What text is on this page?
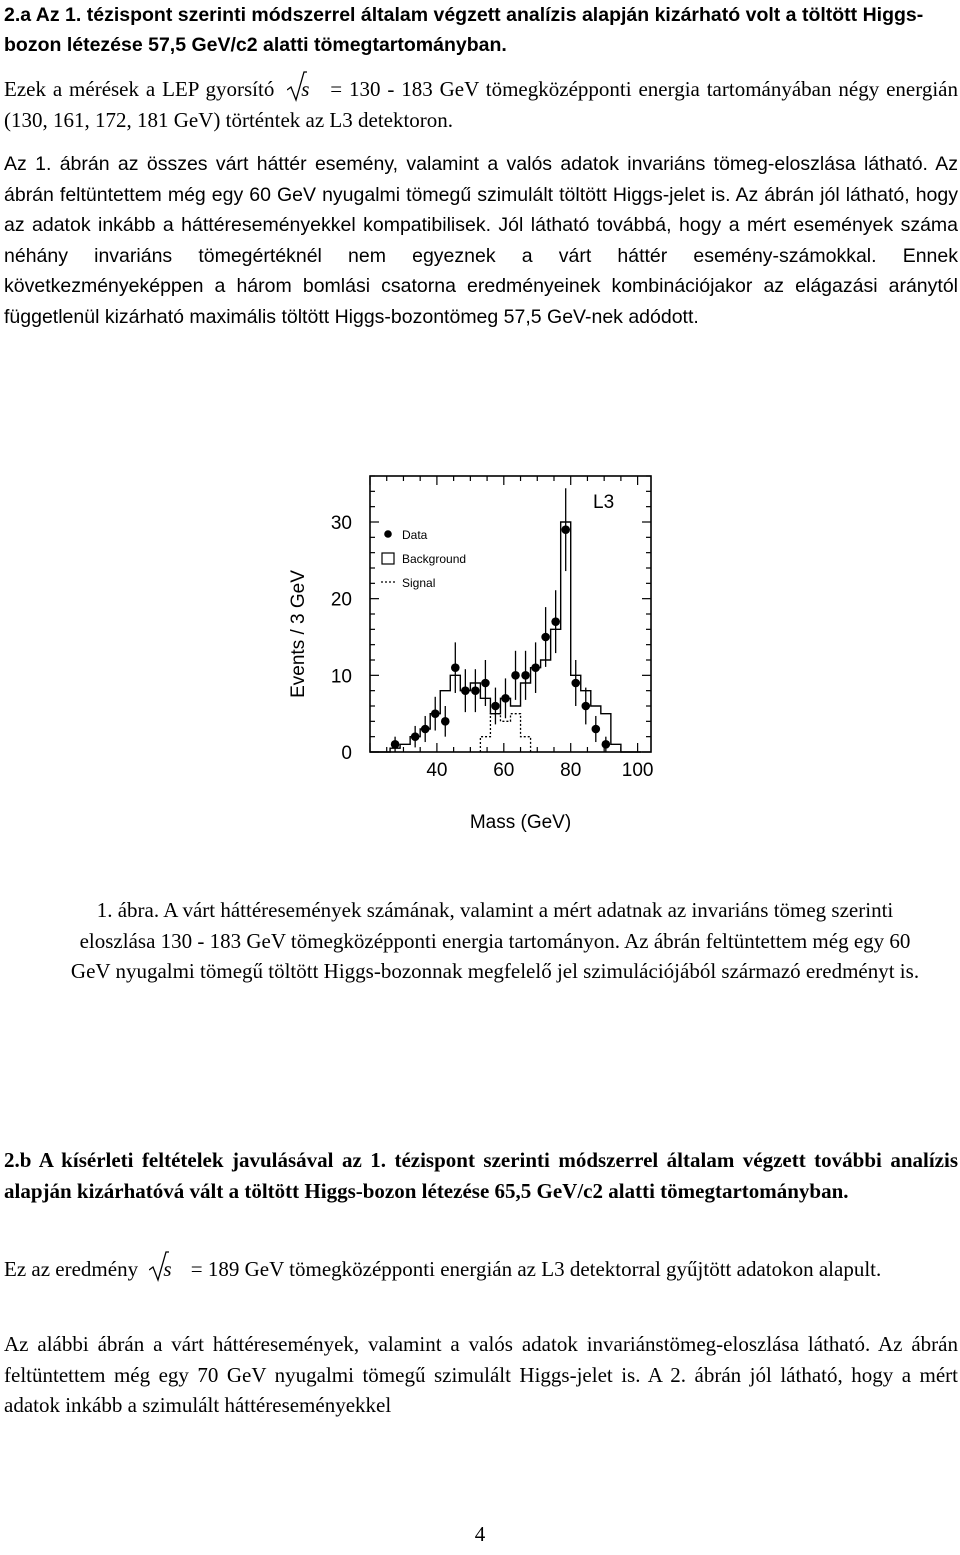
2.a Az 1. tézispont szerinti módszerrel általam végzett analízis alapján kizárható volt a töltött Higgs-bozon létezése 57,5 GeV/c2 alatti tömegtartományban.
Ezek a mérések a LEP gyorsító s = 130 - 183 GeV tömegközépponti energia tartományában négy energián (130, 161, 172, 181 GeV) történtek az L3 detektoron.
Az 1. ábrán az összes várt háttér esemény, valamint a valós adatok invariáns tömeg-eloszlása látható. Az ábrán feltüntettem még egy 60 GeV nyugalmi tömegű szimulált töltött Higgs-jelet is. Az ábrán jól látható, hogy az adatok inkább a háttéreseményekkel kompatibilisek. Jól látható továbbá, hogy a mért események száma néhány invariáns tömegértéknél nem egyeznek a várt háttér esemény-számokkal. Ennek következményeképpen a három bomlási csatorna eredményeinek kombinációjakor az elágazási aránytól függetlenül kizárható maximális töltött Higgs-bozontömeg 57,5 GeV-nek adódott.
40 60 80 100
0
10
20
30
Mass (GeV)
Events / 3 GeV
L3
Data
Background
Signal
1. ábra. A várt háttéresemények számának, valamint a mért adatnak az invariáns tömeg szerinti eloszlása 130 - 183 GeV tömegközépponti energia tartományon. Az ábrán feltüntettem még egy 60 GeV nyugalmi tömegű töltött Higgs-bozonnak megfelelő jel szimulációjából származó eredményt is.
2.b A kísérleti feltételek javulásával az 1. tézispont szerinti módszerrel általam végzett további analízis alapján kizárhatóvá vált a töltött Higgs-bozon létezése 65,5 GeV/c2 alatti tömegtartományban.
Ez az eredmény s = 189 GeV tömegközépponti energián az L3 detektorral gyűjtött adatokon alapult.
Az alábbi ábrán a várt háttéresemények, valamint a valós adatok invariánstömeg-eloszlása látható. Az ábrán feltüntettem még egy 70 GeV nyugalmi tömegű szimulált Higgs-jelet is. A 2. ábrán jól látható, hogy a mért adatok inkább a szimulált háttéreseményekkel
4
